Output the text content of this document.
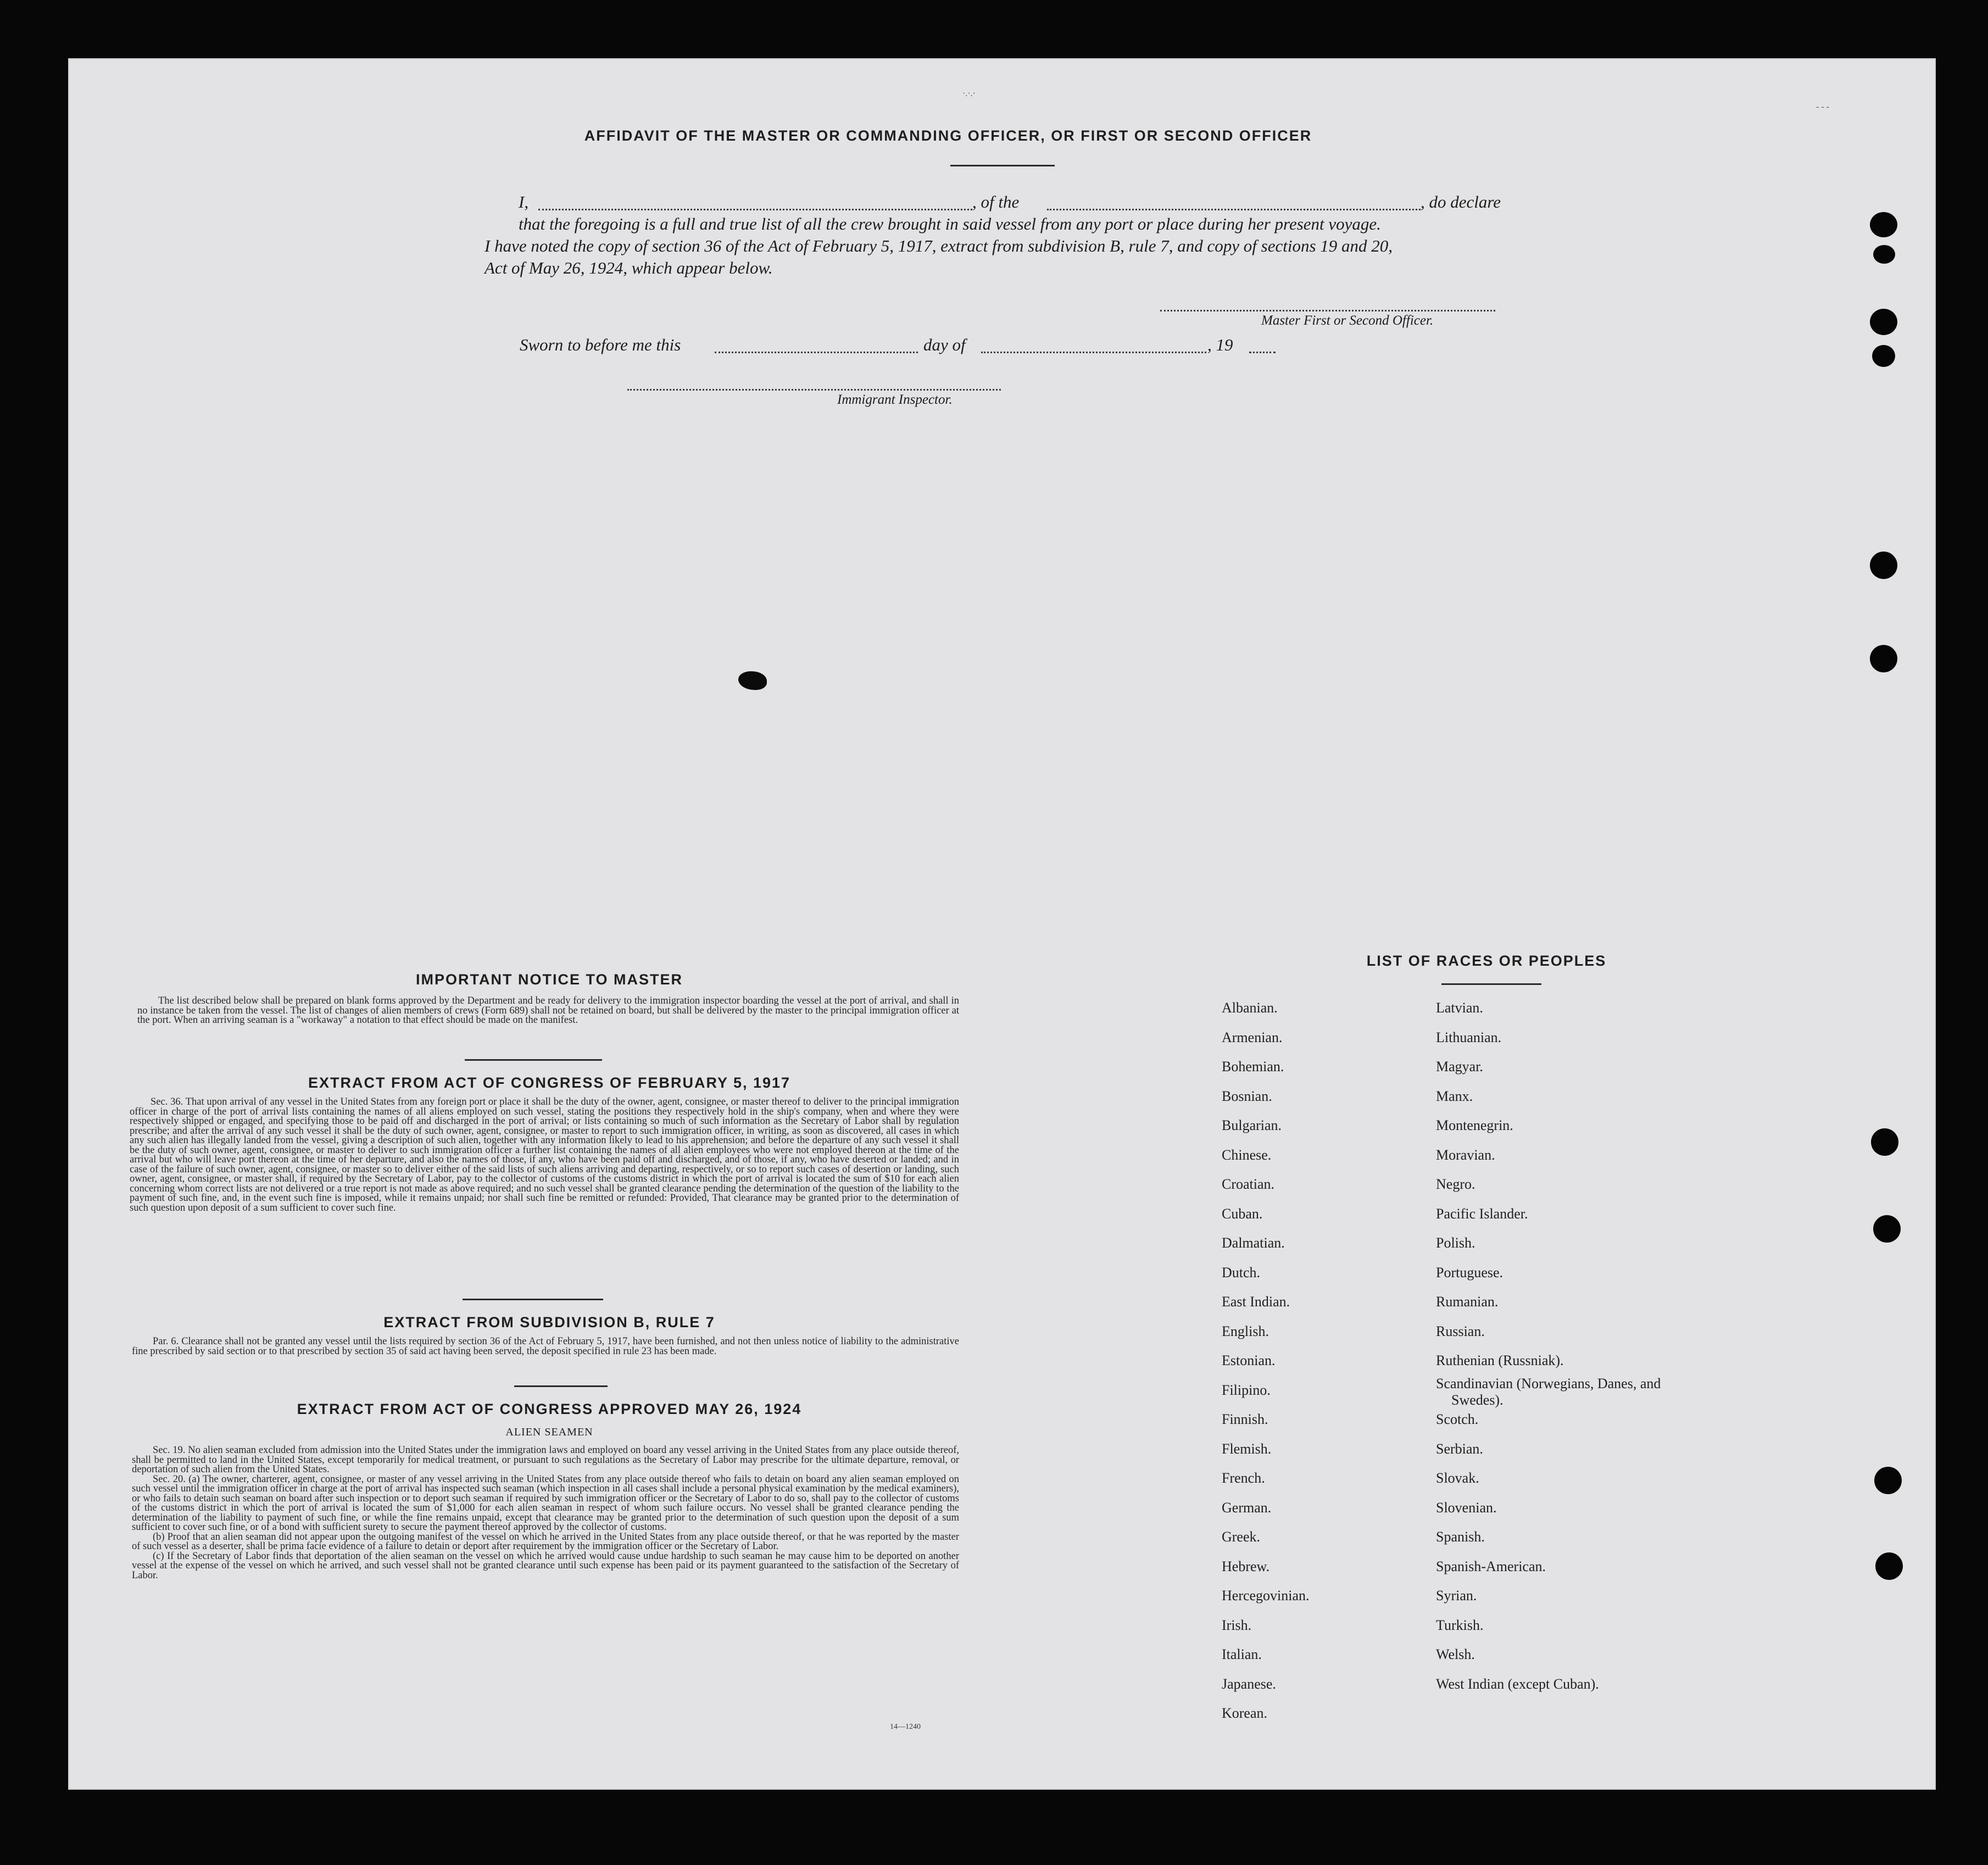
AFFIDAVIT OF THE MASTER OR COMMANDING OFFICER, OR FIRST OR SECOND OFFICER
I,	, of the	, do declare
that the foregoing is a full and true list of all the crew brought in said vessel from any port or place during her present voyage.
I have noted the copy of section 36 of the Act of February 5, 1917, extract from subdivision B, rule 7, and copy of sections 19 and 20,
Act of May 26, 1924, which appear below.
Master First or Second Officer.
Sworn to before me this	day of	, 19
Immigrant Inspector.
·.·.·
- - -
IMPORTANT NOTICE TO MASTER

The list described below shall be prepared on blank forms approved by the Department and be ready for delivery to the immigration inspector boarding the vessel at the port of arrival, and shall in no instance be taken from the vessel. The list of changes of alien members of crews (Form 689) shall not be retained on board, but shall be delivered by the master to the principal immigration officer at the port. When an arriving seaman is a "workaway" a notation to that effect should be made on the manifest.

EXTRACT FROM ACT OF CONGRESS OF FEBRUARY 5, 1917

Sec. 36. That upon arrival of any vessel in the United States from any foreign port or place it shall be the duty of the owner, agent, consignee, or master thereof to deliver to the principal immigration officer in charge of the port of arrival lists containing the names of all aliens employed on such vessel, stating the positions they respectively hold in the ship's company, when and where they were respectively shipped or engaged, and specifying those to be paid off and discharged in the port of arrival; or lists containing so much of such information as the Secretary of Labor shall by regulation prescribe; and after the arrival of any such vessel it shall be the duty of such owner, agent, consignee, or master to report to such immigration officer, in writing, as soon as discovered, all cases in which any such alien has illegally landed from the vessel, giving a description of such alien, together with any information likely to lead to his apprehension; and before the departure of any such vessel it shall be the duty of such owner, agent, consignee, or master to deliver to such immigration officer a further list containing the names of all alien employees who were not employed thereon at the time of the arrival but who will leave port thereon at the time of her departure, and also the names of those, if any, who have been paid off and discharged, and of those, if any, who have deserted or landed; and in case of the failure of such owner, agent, consignee, or master so to deliver either of the said lists of such aliens arriving and departing, respectively, or so to report such cases of desertion or landing, such owner, agent, consignee, or master shall, if required by the Secretary of Labor, pay to the collector of customs of the customs district in which the port of arrival is located the sum of $10 for each alien concerning whom correct lists are not delivered or a true report is not made as above required; and no such vessel shall be granted clearance pending the determination of the question of the liability to the payment of such fine, and, in the event such fine is imposed, while it remains unpaid; nor shall such fine be remitted or refunded: Provided, That clearance may be granted prior to the determination of such question upon deposit of a sum sufficient to cover such fine.

EXTRACT FROM SUBDIVISION B, RULE 7

Par. 6. Clearance shall not be granted any vessel until the lists required by section 36 of the Act of February 5, 1917, have been furnished, and not then unless notice of liability to the administrative fine prescribed by said section or to that prescribed by section 35 of said act having been served, the deposit specified in rule 23 has been made.

EXTRACT FROM ACT OF CONGRESS APPROVED MAY 26, 1924
ALIEN SEAMEN

Sec. 19. No alien seaman excluded from admission into the United States under the immigration laws and employed on board any vessel arriving in the United States from any place outside thereof, shall be permitted to land in the United States, except temporarily for medical treatment, or pursuant to such regulations as the Secretary of Labor may prescribe for the ultimate departure, removal, or deportation of such alien from the United States.

Sec. 20. (a) The owner, charterer, agent, consignee, or master of any vessel arriving in the United States from any place outside thereof who fails to detain on board any alien seaman employed on such vessel until the immigration officer in charge at the port of arrival has inspected such seaman (which inspection in all cases shall include a personal physical examination by the medical examiners), or who fails to detain such seaman on board after such inspection or to deport such seaman if required by such immigration officer or the Secretary of Labor to do so, shall pay to the collector of customs of the customs district in which the port of arrival is located the sum of $1,000 for each alien seaman in respect of whom such failure occurs. No vessel shall be granted clearance pending the determination of the liability to payment of such fine, or while the fine remains unpaid, except that clearance may be granted prior to the determination of such question upon the deposit of a sum sufficient to cover such fine, or of a bond with sufficient surety to secure the payment thereof approved by the collector of customs.

(b) Proof that an alien seaman did not appear upon the outgoing manifest of the vessel on which he arrived in the United States from any place outside thereof, or that he was reported by the master of such vessel as a deserter, shall be prima facie evidence of a failure to detain or deport after requirement by the immigration officer or the Secretary of Labor.

(c) If the Secretary of Labor finds that deportation of the alien seaman on the vessel on which he arrived would cause undue hardship to such seaman he may cause him to be deported on another vessel at the expense of the vessel on which he arrived, and such vessel shall not be granted clearance until such expense has been paid or its payment guaranteed to the satisfaction of the Secretary of Labor.

14—1240
LIST OF RACES OR PEOPLES
Albanian.
Armenian.
Bohemian.
Bosnian.
Bulgarian.
Chinese.
Croatian.
Cuban.
Dalmatian.
Dutch.
East Indian.
English.
Estonian.
Filipino.
Finnish.
Flemish.
French.
German.
Greek.
Hebrew.
Hercegovinian.
Irish.
Italian.
Japanese.
Korean.
Latvian.
Lithuanian.
Magyar.
Manx.
Montenegrin.
Moravian.
Negro.
Pacific Islander.
Polish.
Portuguese.
Rumanian.
Russian.
Ruthenian (Russniak).
Scandinavian (Norwegians, Danes, and Swedes).
Scotch.
Serbian.
Slovak.
Slovenian.
Spanish.
Spanish-American.
Syrian.
Turkish.
Welsh.
West Indian (except Cuban).
